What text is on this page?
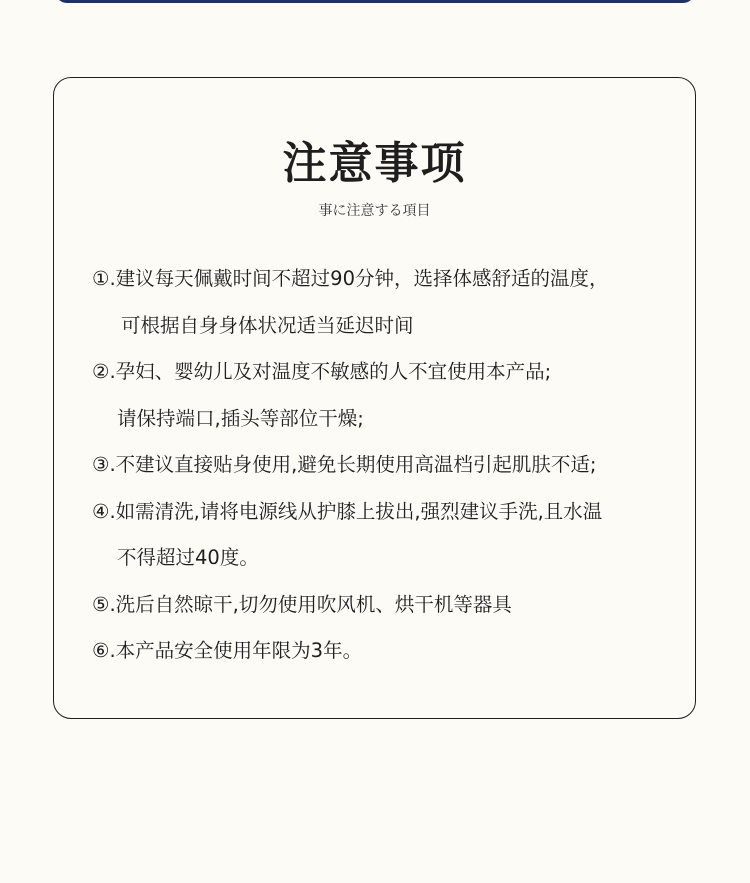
注意事项
事に注意する項目
①.建议每天佩戴时间不超过90分钟，选择体感舒适的温度，
可根据自身身体状况适当延迟时间
②.孕妇、婴幼儿及对温度不敏感的人不宜使用本产品;
请保持端口,插头等部位干燥;
③.不建议直接贴身使用,避免长期使用高温档引起肌肤不适;
④.如需清洗,请将电源线从护膝上拔出,强烈建议手洗,且水温
不得超过40度。
⑤.洗后自然晾干,切勿使用吹风机、烘干机等器具
⑥.本产品安全使用年限为3年。
